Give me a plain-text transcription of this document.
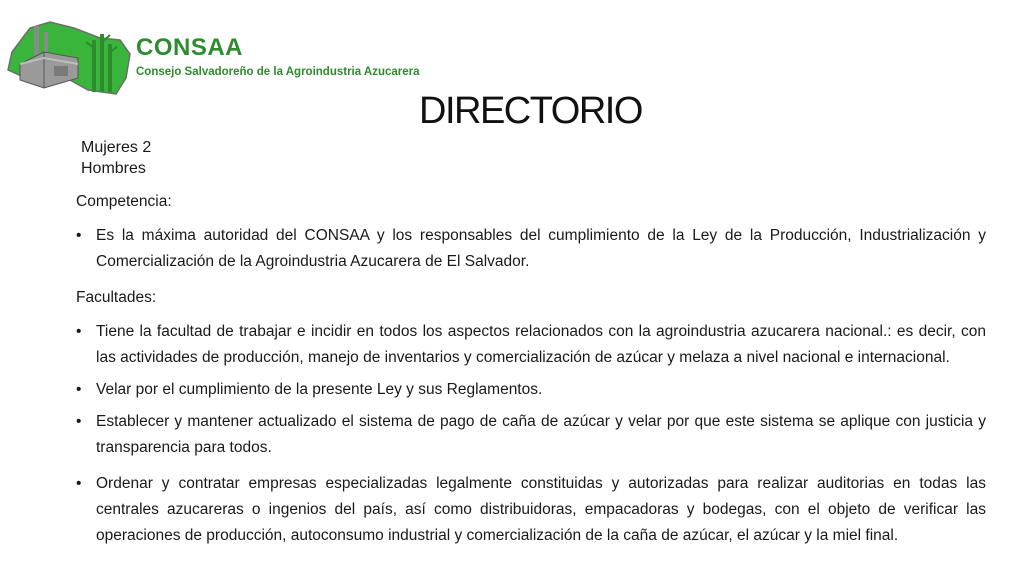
CONSAA
Consejo Salvadoreño de la Agroindustria Azucarera
DIRECTORIO
Mujeres 2
Hombres
Competencia:
• Es la máxima autoridad del CONSAA y los responsables del cumplimiento de la Ley de la Producción, Industrialización y Comercialización de la Agroindustria Azucarera de El Salvador.
Facultades:
• Tiene la facultad de trabajar e incidir en todos los aspectos relacionados con la agroindustria azucarera nacional.: es decir, con las actividades de producción, manejo de inventarios y comercialización de azúcar y melaza a nivel nacional e internacional.
• Velar por el cumplimiento de la presente Ley y sus Reglamentos.
• Establecer y mantener actualizado el sistema de pago de caña de azúcar y velar por que este sistema se aplique con justicia y transparencia para todos.
• Ordenar y contratar empresas especializadas legalmente constituidas y autorizadas para realizar auditorias en todas las centrales azucareras o ingenios del país, así como distribuidoras, empacadoras y bodegas, con el objeto de verificar las operaciones de producción, autoconsumo industrial y comercialización de la caña de azúcar, el azúcar y la miel final.
